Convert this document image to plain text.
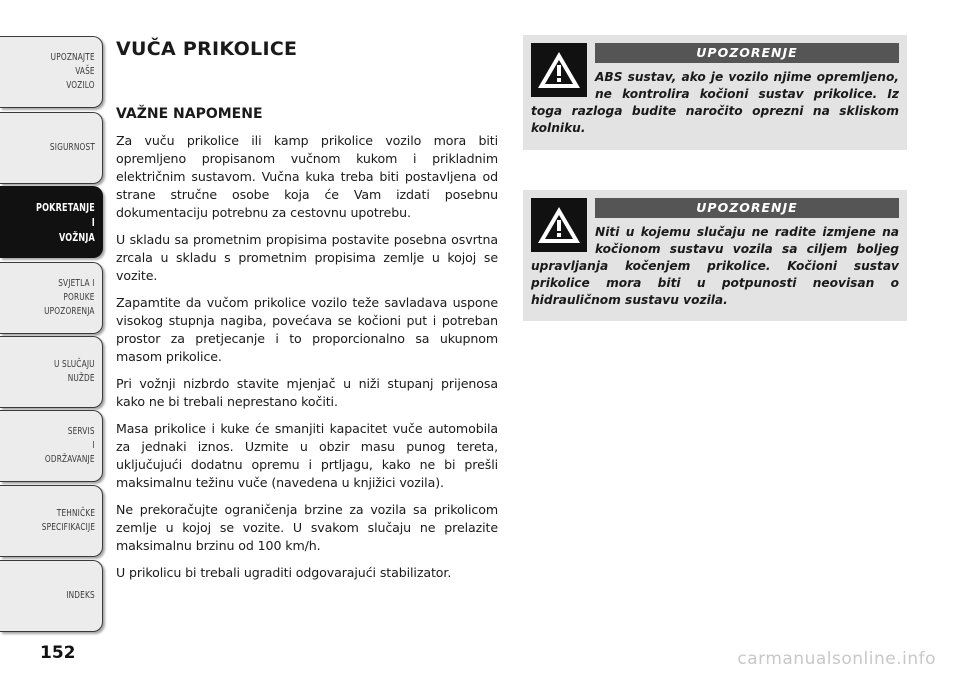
UPOZNAJTE
VAŠE
VOZILO
SIGURNOST
POKRETANJE
I
VOŽNJA
SVJETLA I
PORUKE
UPOZORENJA
U SLUČAJU
NUŽDE
SERVIS
I
ODRŽAVANJE
TEHNIČKE
SPECIFIKACIJE
INDEKS
152
VUČA PRIKOLICE
VAŽNE NAPOMENE

Za vuču prikolice ili kamp prikolice vozilo mora biti opremljeno propisanom vučnom kukom i prikladnim električnim sustavom. Vučna kuka treba biti postavljena od strane stručne osobe koja će Vam izdati posebnu dokumentaciju potrebnu za cestovnu upotrebu.

U skladu sa prometnim propisima postavite posebna osvrtna zrcala u skladu s prometnim propisima zemlje u kojoj se vozite.

Zapamtite da vučom prikolice vozilo teže savladava uspone visokog stupnja nagiba, povećava se kočioni put i potreban prostor za pretjecanje i to proporcionalno sa ukupnom masom prikolice.

Pri vožnji nizbrdo stavite mjenjač u niži stupanj prijenosa kako ne bi trebali neprestano kočiti.

Masa prikolice i kuke će smanjiti kapacitet vuče automobila za jednaki iznos. Uzmite u obzir masu punog tereta, uključujući dodatnu opremu i prtljagu, kako ne bi prešli maksimalnu težinu vuče (navedena u knjižici vozila).

Ne prekoračujte ograničenja brzine za vozila sa prikolicom zemlje u kojoj se vozite. U svakom slučaju ne prelazite maksimalnu brzinu od 100 km/h.

U prikolicu bi trebali ugraditi odgovarajući stabilizator.

UPOZORENJE
ABS sustav, ako je vozilo njime opremljeno, ne kontrolira kočioni sustav prikolice. Iz toga razloga budite naročito oprezni na skliskom kolniku.
UPOZORENJE
Niti u kojemu slučaju ne radite izmjene na kočionom sustavu vozila sa ciljem boljeg upravljanja kočenjem prikolice. Kočioni sustav prikolice mora biti u potpunosti neovisan o hidrauličnom sustavu vozila.
carmanualsonline.info
